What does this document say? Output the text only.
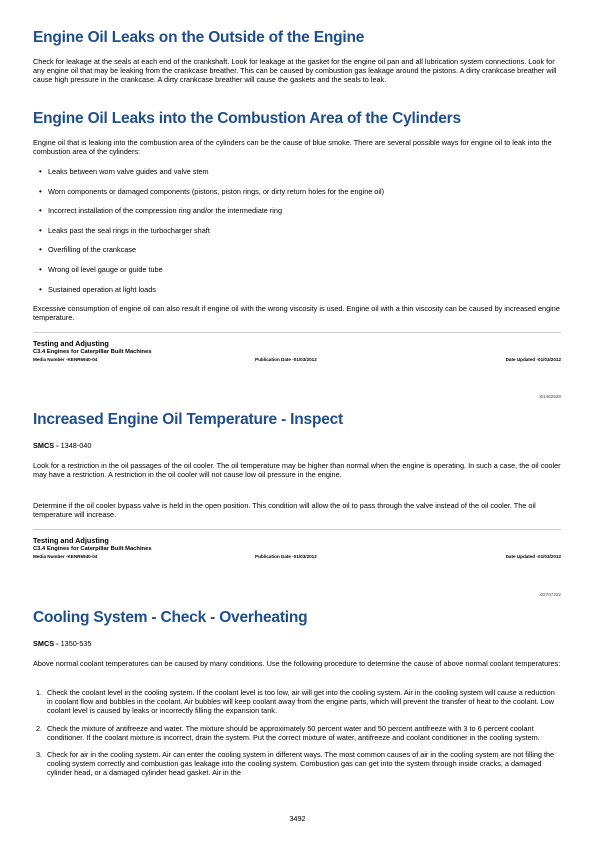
Engine Oil Leaks on the Outside of the Engine

Check for leakage at the seals at each end of the crankshaft. Look for leakage at the gasket for the engine oil pan and all lubrication system connections. Look for any engine oil that may be leaking from the crankcase breather. This can be caused by combustion gas leakage around the pistons. A dirty crankcase breather will cause high pressure in the crankcase. A dirty crankcase breather will cause the gaskets and the seals to leak.

Engine Oil Leaks into the Combustion Area of the Cylinders

Engine oil that is leaking into the combustion area of the cylinders can be the cause of blue smoke. There are several possible ways for engine oil to leak into the combustion area of the cylinders:

• Leaks between worn valve guides and valve stem
• Worn components or damaged components (pistons, piston rings, or dirty return holes for the engine oil)
• Incorrect installation of the compression ring and/or the intermediate ring
• Leaks past the seal rings in the turbocharger shaft
• Overfilling of the crankcase
• Wrong oil level gauge or guide tube
• Sustained operation at light loads

Excessive consumption of engine oil can also result if engine oil with the wrong viscosity is used. Engine oil with a thin viscosity can be caused by increased engine temperature.

Testing and Adjusting
C3.4 Engines for Caterpillar Built Machines
Media Number -KENR6940-04	Publication Date -01/03/2012	Date Updated -01/03/2012
i01462628
Increased Engine Oil Temperature - Inspect
SMCS - 1348-040

Look for a restriction in the oil passages of the oil cooler. The oil temperature may be higher than normal when the engine is operating. In such a case, the oil cooler may have a restriction. A restriction in the oil cooler will not cause low oil pressure in the engine.

Determine if the oil cooler bypass valve is held in the open position. This condition will allow the oil to pass through the valve instead of the oil cooler. The oil temperature will increase.

Testing and Adjusting
C3.4 Engines for Caterpillar Built Machines
Media Number -KENR6940-04	Publication Date -01/03/2012	Date Updated -01/03/2012
i02707222
Cooling System - Check - Overheating
SMCS - 1350-535

Above normal coolant temperatures can be caused by many conditions. Use the following procedure to determine the cause of above normal coolant temperatures:

1. Check the coolant level in the cooling system. If the coolant level is too low, air will get into the cooling system. Air in the cooling system will cause a reduction in coolant flow and bubbles in the coolant. Air bubbles will keep coolant away from the engine parts, which will prevent the transfer of heat to the coolant. Low coolant level is caused by leaks or incorrectly filling the expansion tank.
2. Check the mixture of antifreeze and water. The mixture should be approximately 50 percent water and 50 percent antifreeze with 3 to 6 percent coolant conditioner. If the coolant mixture is incorrect, drain the system. Put the correct mixture of water, antifreeze and coolant conditioner in the cooling system.
3. Check for air in the cooling system. Air can enter the cooling system in different ways. The most common causes of air in the cooling system are not filling the cooling system correctly and combustion gas leakage into the cooling system. Combustion gas can get into the system through inside cracks, a damaged cylinder head, or a damaged cylinder head gasket. Air in the
3492
